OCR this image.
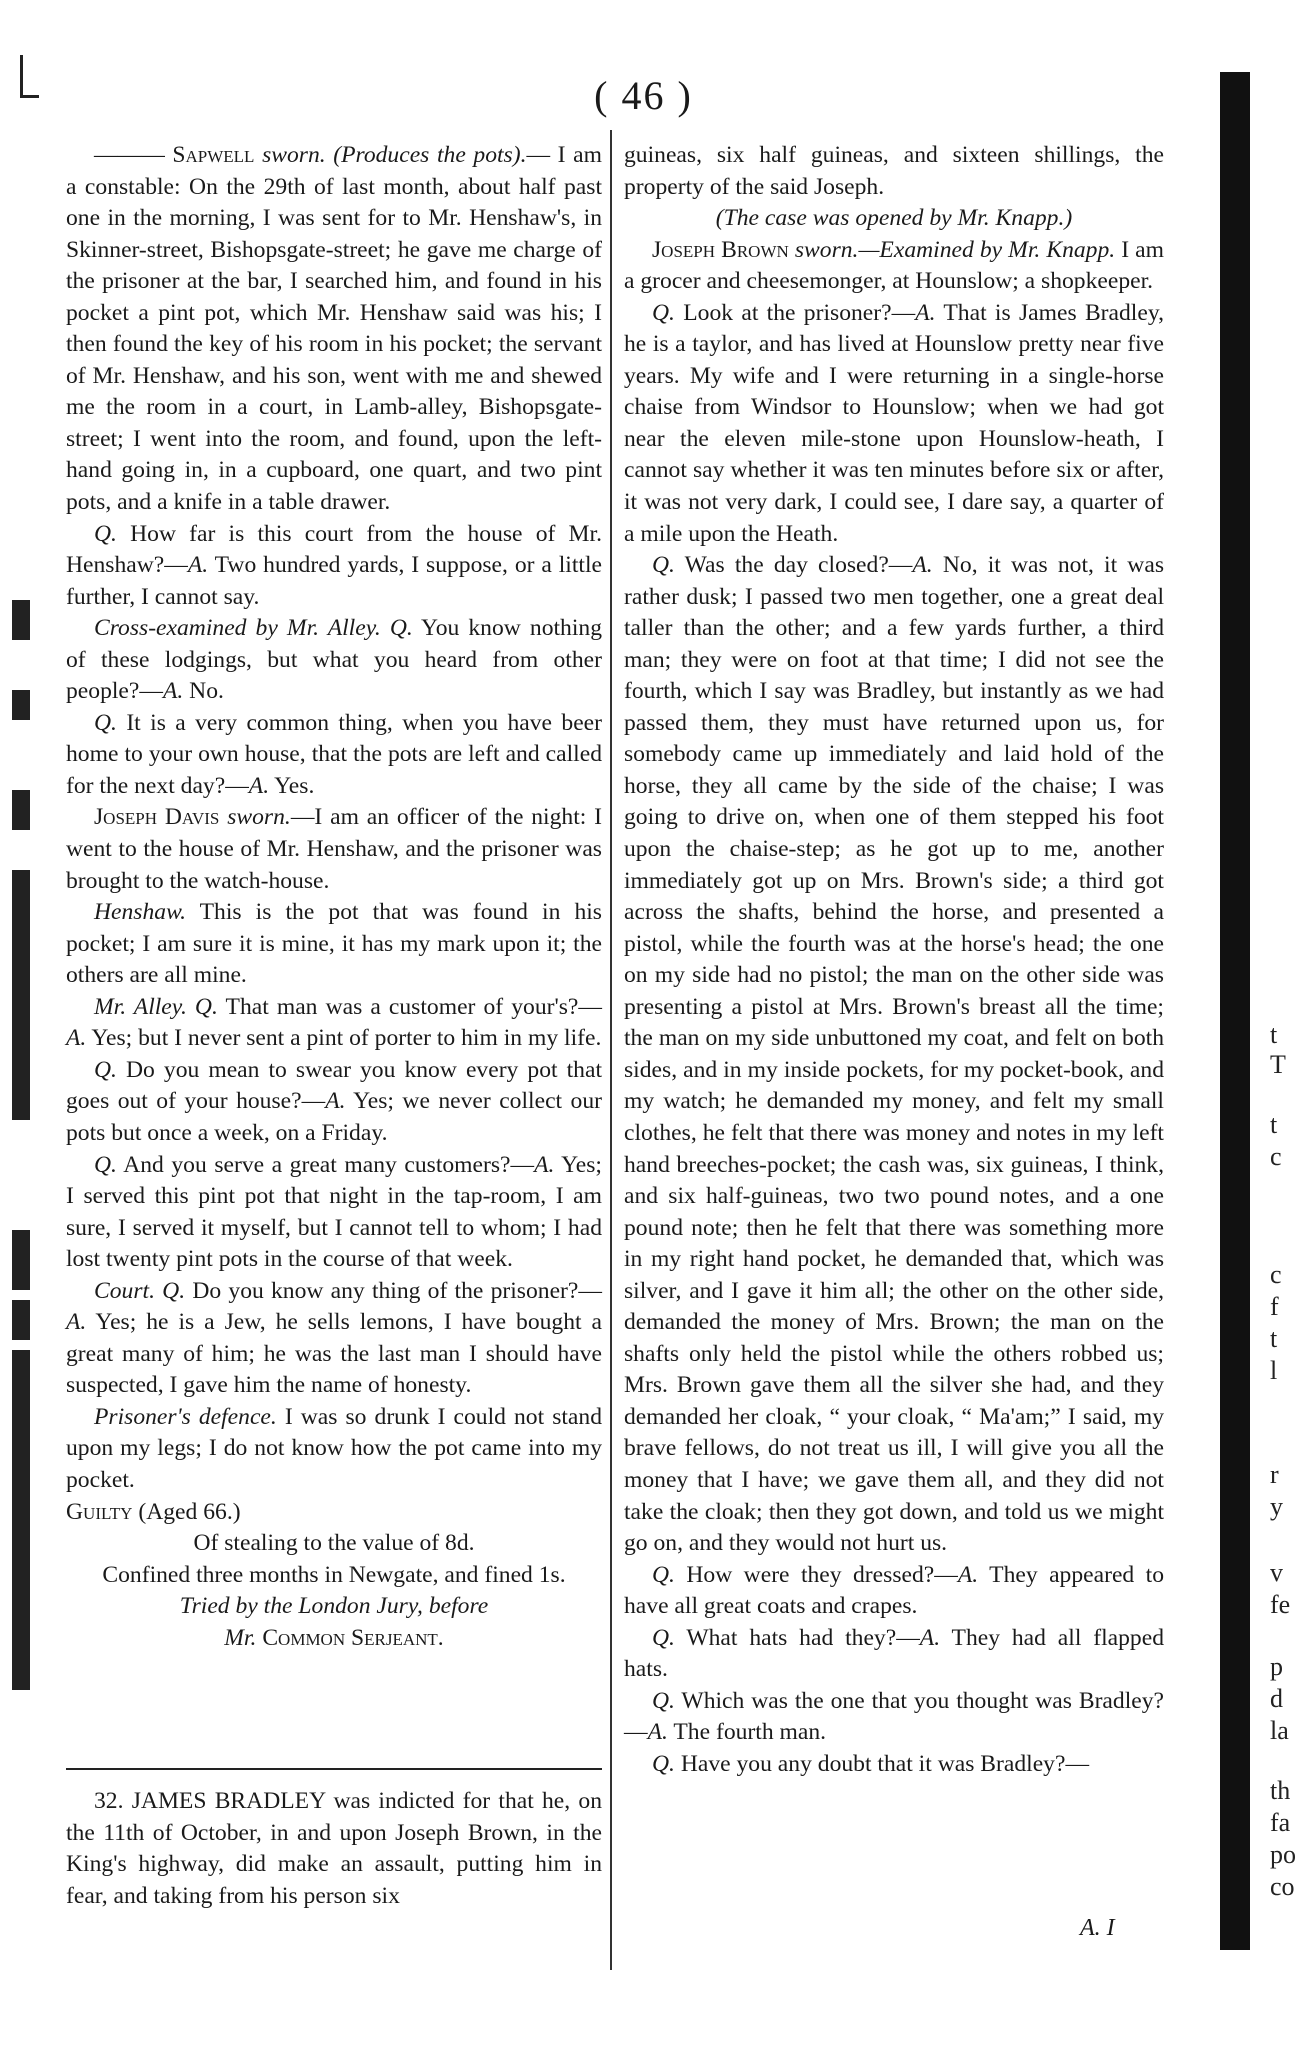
( 46 )

——— Sapwell sworn. (Produces the pots).— I am a constable: On the 29th of last month, about half past one in the morning, I was sent for to Mr. Henshaw's, in Skinner-street, Bishopsgate-street; he gave me charge of the prisoner at the bar, I searched him, and found in his pocket a pint pot, which Mr. Henshaw said was his; I then found the key of his room in his pocket; the servant of Mr. Henshaw, and his son, went with me and shewed me the room in a court, in Lamb-alley, Bishopsgate-street; I went into the room, and found, upon the left-hand going in, in a cupboard, one quart, and two pint pots, and a knife in a table drawer.

Q. How far is this court from the house of Mr. Henshaw?—A. Two hundred yards, I suppose, or a little further, I cannot say.

Cross-examined by Mr. Alley. Q. You know nothing of these lodgings, but what you heard from other people?—A. No.

Q. It is a very common thing, when you have beer home to your own house, that the pots are left and called for the next day?—A. Yes.

Joseph Davis sworn.—I am an officer of the night: I went to the house of Mr. Henshaw, and the prisoner was brought to the watch-house.

Henshaw. This is the pot that was found in his pocket; I am sure it is mine, it has my mark upon it; the others are all mine.

Mr. Alley. Q. That man was a customer of your's?—A. Yes; but I never sent a pint of porter to him in my life.

Q. Do you mean to swear you know every pot that goes out of your house?—A. Yes; we never collect our pots but once a week, on a Friday.

Q. And you serve a great many customers?—A. Yes; I served this pint pot that night in the tap-room, I am sure, I served it myself, but I cannot tell to whom; I had lost twenty pint pots in the course of that week.

Court. Q. Do you know any thing of the prisoner?—A. Yes; he is a Jew, he sells lemons, I have bought a great many of him; he was the last man I should have suspected, I gave him the name of honesty.

Prisoner's defence. I was so drunk I could not stand upon my legs; I do not know how the pot came into my pocket.

Guilty (Aged 66.)

Of stealing to the value of 8d.

Confined three months in Newgate, and fined 1s.

Tried by the London Jury, before

Mr. Common Serjeant.

32. JAMES BRADLEY was indicted for that he, on the 11th of October, in and upon Joseph Brown, in the King's highway, did make an assault, putting him in fear, and taking from his person six

guineas, six half guineas, and sixteen shillings, the property of the said Joseph.

(The case was opened by Mr. Knapp.)

Joseph Brown sworn.—Examined by Mr. Knapp. I am a grocer and cheesemonger, at Hounslow; a shopkeeper.

Q. Look at the prisoner?—A. That is James Bradley, he is a taylor, and has lived at Hounslow pretty near five years. My wife and I were returning in a single-horse chaise from Windsor to Hounslow; when we had got near the eleven mile-stone upon Hounslow-heath, I cannot say whether it was ten minutes before six or after, it was not very dark, I could see, I dare say, a quarter of a mile upon the Heath.

Q. Was the day closed?—A. No, it was not, it was rather dusk; I passed two men together, one a great deal taller than the other; and a few yards further, a third man; they were on foot at that time; I did not see the fourth, which I say was Bradley, but instantly as we had passed them, they must have returned upon us, for somebody came up immediately and laid hold of the horse, they all came by the side of the chaise; I was going to drive on, when one of them stepped his foot upon the chaise-step; as he got up to me, another immediately got up on Mrs. Brown's side; a third got across the shafts, behind the horse, and presented a pistol, while the fourth was at the horse's head; the one on my side had no pistol; the man on the other side was presenting a pistol at Mrs. Brown's breast all the time; the man on my side unbuttoned my coat, and felt on both sides, and in my inside pockets, for my pocket-book, and my watch; he demanded my money, and felt my small clothes, he felt that there was money and notes in my left hand breeches-pocket; the cash was, six guineas, I think, and six half-guineas, two two pound notes, and a one pound note; then he felt that there was something more in my right hand pocket, he demanded that, which was silver, and I gave it him all; the other on the other side, demanded the money of Mrs. Brown; the man on the shafts only held the pistol while the others robbed us; Mrs. Brown gave them all the silver she had, and they demanded her cloak, “ your cloak, “ Ma'am;” I said, my brave fellows, do not treat us ill, I will give you all the money that I have; we gave them all, and they did not take the cloak; then they got down, and told us we might go on, and they would not hurt us.

Q. How were they dressed?—A. They appeared to have all great coats and crapes.

Q. What hats had they?—A. They had all flapped hats.

Q. Which was the one that you thought was Bradley?—A. The fourth man.

Q. Have you any doubt that it was Bradley?—

A. I
t
T
t
c
c
f
t
l
r
y
v
fe
p
d
la
th
fa
po
co
